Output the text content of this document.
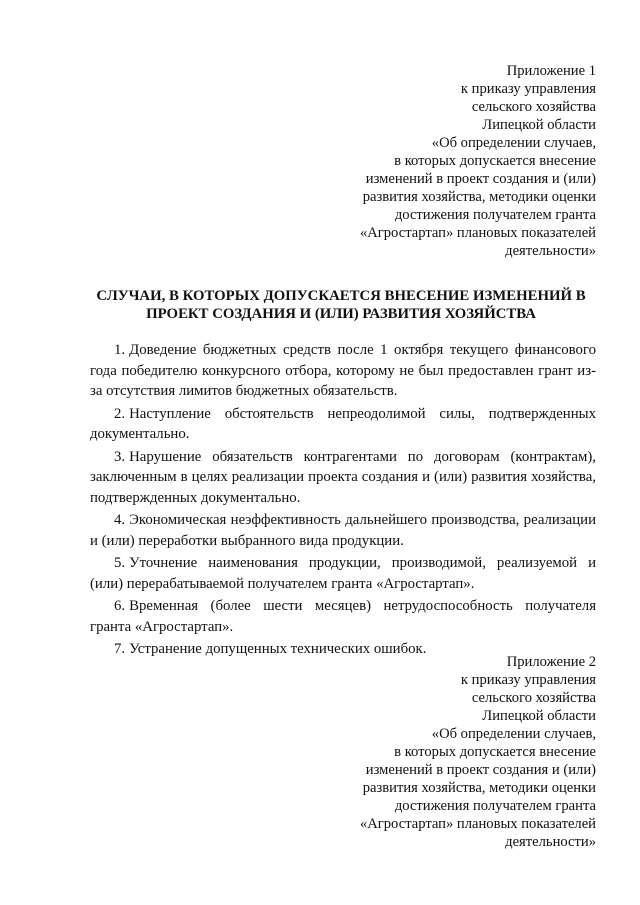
Приложение 1
к приказу управления
сельского хозяйства
Липецкой области
«Об определении случаев,
в которых допускается внесение
изменений в проект создания и (или)
развития хозяйства, методики оценки
достижения получателем гранта
«Агростартап» плановых показателей
деятельности»
СЛУЧАИ, В КОТОРЫХ ДОПУСКАЕТСЯ ВНЕСЕНИЕ ИЗМЕНЕНИЙ В
ПРОЕКТ СОЗДАНИЯ И (ИЛИ) РАЗВИТИЯ ХОЗЯЙСТВА

1. Доведение бюджетных средств после 1 октября текущего финансового года победителю конкурсного отбора, которому не был предоставлен грант из-за отсутствия лимитов бюджетных обязательств.

2. Наступление обстоятельств непреодолимой силы, подтвержденных документально.

3. Нарушение обязательств контрагентами по договорам (контрактам), заключенным в целях реализации проекта создания и (или) развития хозяйства, подтвержденных документально.

4. Экономическая неэффективность дальнейшего производства, реализации и (или) переработки выбранного вида продукции.

5. Уточнение наименования продукции, производимой, реализуемой и (или) перерабатываемой получателем гранта «Агростартап».

6. Временная (более шести месяцев) нетрудоспособность получателя гранта «Агростартап».

7. Устранение допущенных технических ошибок.

Приложение 2
к приказу управления
сельского хозяйства
Липецкой области
«Об определении случаев,
в которых допускается внесение
изменений в проект создания и (или)
развития хозяйства, методики оценки
достижения получателем гранта
«Агростартап» плановых показателей
деятельности»
